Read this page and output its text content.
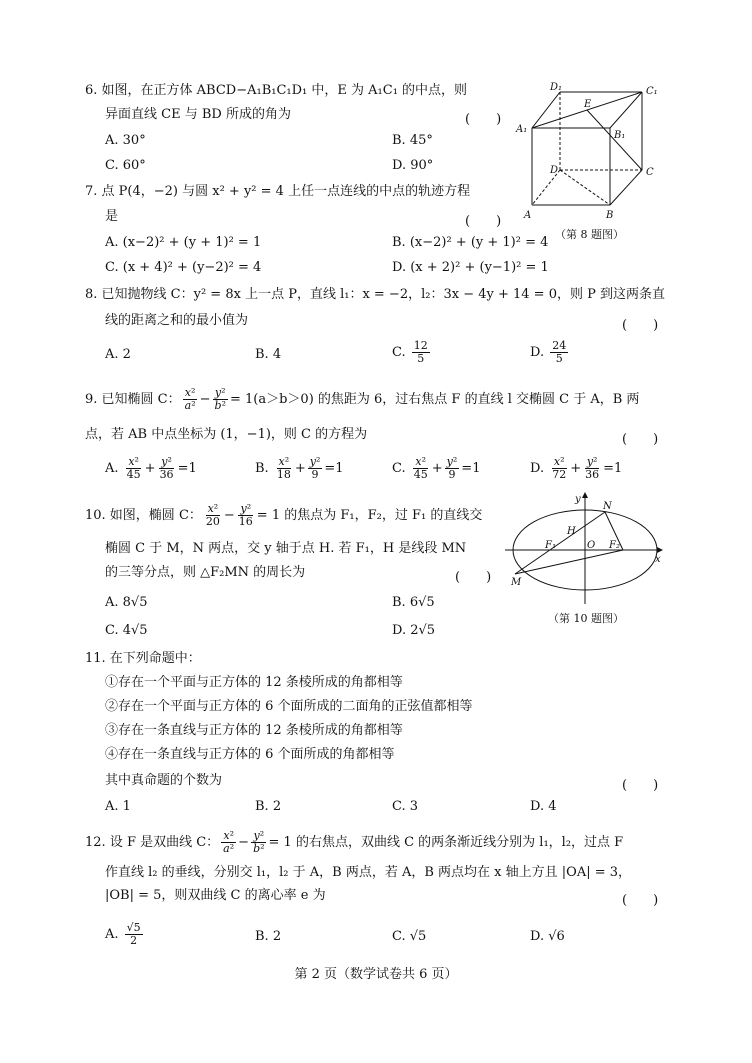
6. 如图，在正方体 ABCD−A₁B₁C₁D₁ 中，E 为 A₁C₁ 的中点，则
异面直线 CE 与 BD 所成的角为	(　　)
A. 30°	B. 45°
C. 60°	D. 90°
D₁	C₁
A₁
B₁
E
D	C
A	B
（第 8 题图）
7. 点 P(4，−2) 与圆 x² + y² = 4 上任一点连线的中点的轨迹方程
是	(　　)
A. (x−2)² + (y + 1)² = 1	B. (x−2)² + (y + 1)² = 4
C. (x + 4)² + (y−2)² = 4	D. (x + 2)² + (y−1)² = 1
8. 已知抛物线 C：y² = 8x 上一点 P，直线 l₁：x = −2，l₂：3x − 4y + 14 = 0，则 P 到这两条直
线的距离之和的最小值为	(　　)
A. 2	B. 4	C. $\frac{12}{5}$	D. $\frac{24}{5}$
9. 已知椭圆 C： $\frac{\text{x²}}{\text{a²}} - \frac{\text{y²}}{\text{b²}} = 1(a>b>0)$ 的焦距为 6，过右焦点 F 的直线 l 交椭圆 C 于 A，B 两
点，若 AB 中点坐标为 (1，−1)，则 C 的方程为	(　　)
A. $\frac{\text{x²}}{45} + \frac{\text{y²}}{36} =1$	B. $\frac{\text{x²}}{18} + \frac{\text{y²}}{9} =1$	C. $\frac{\text{x²}}{45} + \frac{\text{y²}}{9} =1$	D. $\frac{\text{x²}}{72} + \frac{\text{y²}}{36} =1$
10. 如图，椭圆 C： $\frac{\text{x²}}{20} - \frac{\text{y²}}{16} = 1$ 的焦点为 F₁，F₂，过 F₁ 的直线交
椭圆 C 于 M，N 两点，交 y 轴于点 H. 若 F₁，H 是线段 MN
的三等分点，则 △F₂MN 的周长为	(　　)
A. 8√5	B. 6√5
C. 4√5	D. 2√5
y
x
H
N
F₁	O F₂
M
（第 10 题图）
11. 在下列命题中：
①存在一个平面与正方体的 12 条棱所成的角都相等
②存在一个平面与正方体的 6 个面所成的二面角的正弦值都相等
③存在一条直线与正方体的 12 条棱所成的角都相等
④存在一条直线与正方体的 6 个面所成的角都相等
其中真命题的个数为	(　　)
A. 1	B. 2	C. 3	D. 4
12. 设 F 是双曲线 C： $\frac{\text{x²}}{\text{a²}} - \frac{\text{y²}}{\text{b²}} = 1$ 的右焦点，双曲线 C 的两条渐近线分别为 l₁，l₂，过点 F
作直线 l₂ 的垂线，分别交 l₁，l₂ 于 A，B 两点，若 A，B 两点均在 x 轴上方且 |OA| = 3，
|OB| = 5，则双曲线 C 的离心率 e 为	(　　)
A. $\frac{√5}{2}$	B. 2	C. √5	D. √6
第 2 页（数学试卷共 6 页）
